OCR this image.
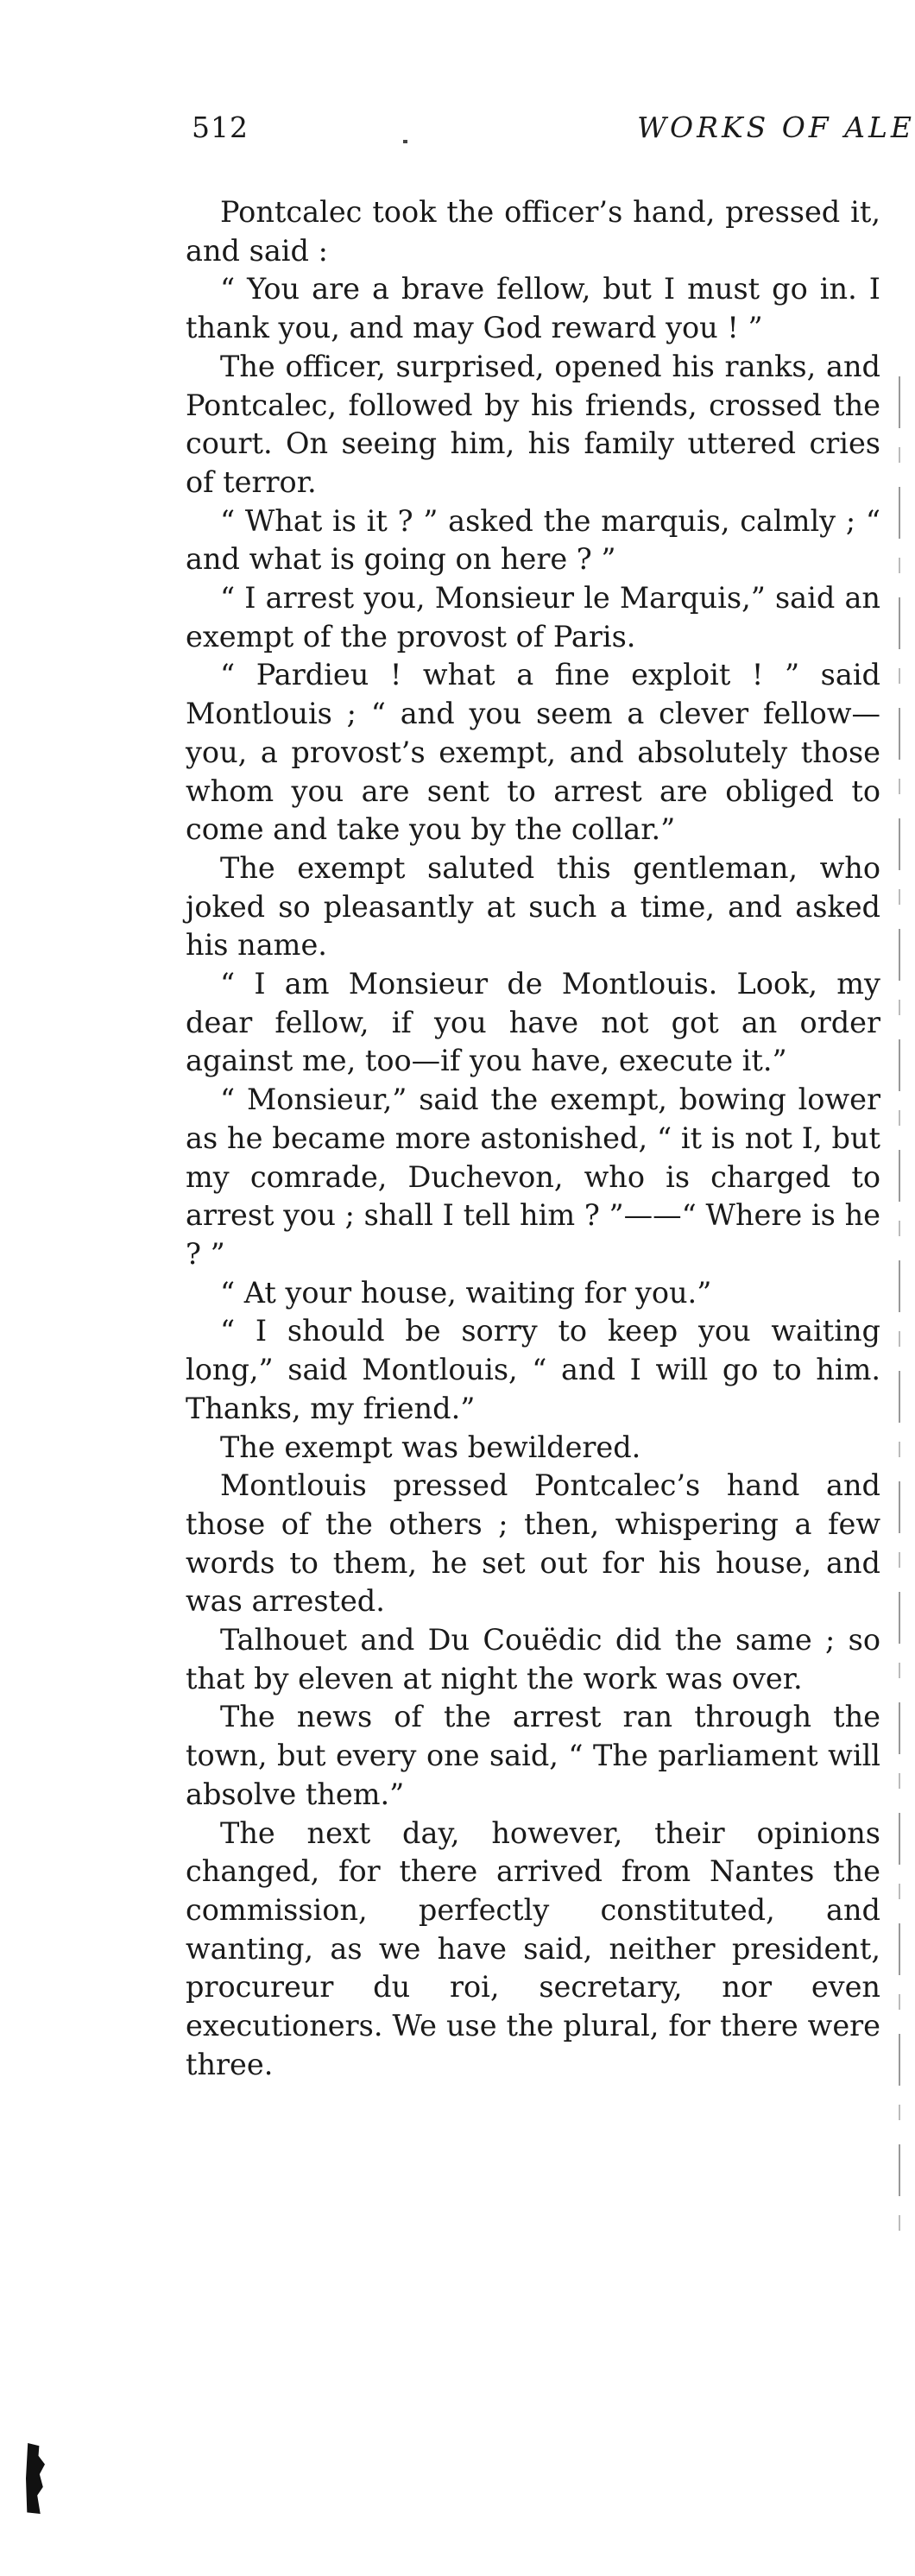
512	WORKS OF ALE

Pontcalec took the officer’s hand, pressed it, and said :

“ You are a brave fellow, but I must go in. I thank you, and may God reward you ! ”

The officer, surprised, opened his ranks, and Pontcalec, followed by his friends, crossed the court. On seeing him, his family uttered cries of terror.

“ What is it ? ” asked the marquis, calmly ; “ and what is going on here ? ”

“ I arrest you, Monsieur le Marquis,” said an exempt of the provost of Paris.

“ Pardieu ! what a fine exploit ! ” said Montlouis ; “ and you seem a clever fellow—you, a provost’s exempt, and absolutely those whom you are sent to arrest are obliged to come and take you by the collar.”

The exempt saluted this gentleman, who joked so pleasantly at such a time, and asked his name.

“ I am Monsieur de Montlouis. Look, my dear fellow, if you have not got an order against me, too—if you have, execute it.”

“ Monsieur,” said the exempt, bowing lower as he became more astonished, “ it is not I, but my comrade, Duchevon, who is charged to arrest you ; shall I tell him ? ”——“ Where is he ? ”

“ At your house, waiting for you.”

“ I should be sorry to keep you waiting long,” said Montlouis, “ and I will go to him. Thanks, my friend.”

The exempt was bewildered.

Montlouis pressed Pontcalec’s hand and those of the others ; then, whispering a few words to them, he set out for his house, and was arrested.

Talhouet and Du Couëdic did the same ; so that by eleven at night the work was over.

The news of the arrest ran through the town, but every one said, “ The parliament will absolve them.”

The next day, however, their opinions changed, for there arrived from Nantes the commission, perfectly constituted, and wanting, as we have said, neither president, procureur du roi, secretary, nor even executioners. We use the plural, for there were three.
